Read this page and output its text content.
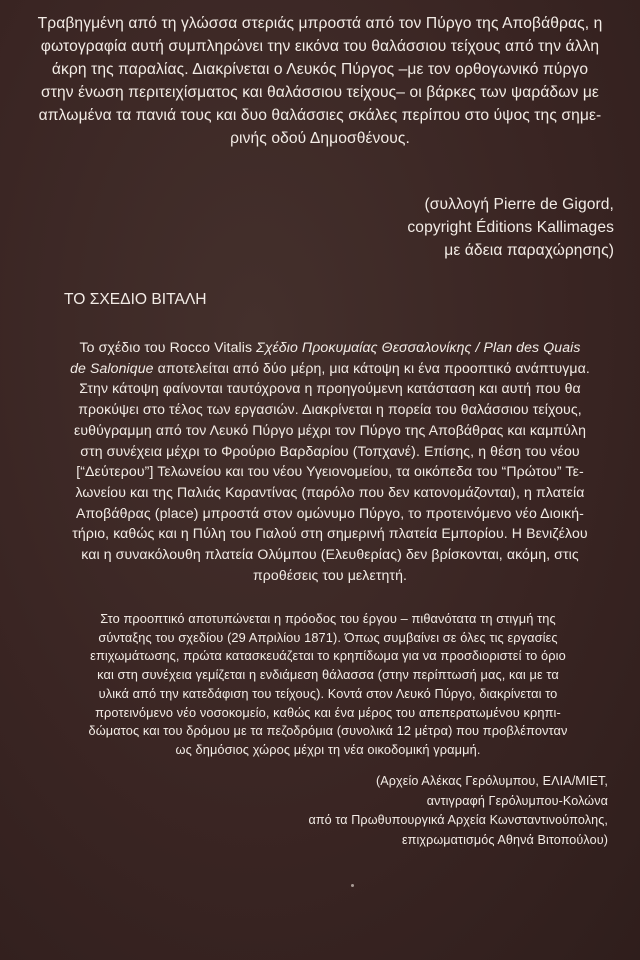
Τραβηγμένη από τη γλώσσα στεριάς μπροστά από τον Πύργο της Αποβάθρας, η
φωτογραφία αυτή συμπληρώνει την εικόνα του θαλάσσιου τείχους από την άλλη
άκρη της παραλίας. Διακρίνεται ο Λευκός Πύργος –με τον ορθογωνικό πύργο
στην ένωση περιτειχίσματος και θαλάσσιου τείχους– οι βάρκες των ψαράδων με
απλωμένα τα πανιά τους και δυο θαλάσσιες σκάλες περίπου στο ύψος της σημε-
ρινής οδού Δημοσθένους.
(συλλογή Pierre de Gigord,
copyright Éditions Kallimages
με άδεια παραχώρησης)
ΤΟ ΣΧΕΔΙΟ ΒΙΤΑΛΗ
Το σχέδιο του Rocco Vitalis Σχέδιο Προκυμαίας Θεσσαλονίκης / Plan des Quais
de Salonique αποτελείται από δύο μέρη, μια κάτοψη κι ένα προοπτικό ανάπτυγμα.
Στην κάτοψη φαίνονται ταυτόχρονα η προηγούμενη κατάσταση και αυτή που θα
προκύψει στο τέλος των εργασιών. Διακρίνεται η πορεία του θαλάσσιου τείχους,
ευθύγραμμη από τον Λευκό Πύργο μέχρι τον Πύργο της Αποβάθρας και καμπύλη
στη συνέχεια μέχρι το Φρούριο Βαρδαρίου (Τοπχανέ). Επίσης, η θέση του νέου
[“Δεύτερου”] Τελωνείου και του νέου Υγειονομείου, τα οικόπεδα του “Πρώτου” Τε-
λωνείου και της Παλιάς Καραντίνας (παρόλο που δεν κατονομάζονται), η πλατεία
Αποβάθρας (place) μπροστά στον ομώνυμο Πύργο, το προτεινόμενο νέο Διοική-
τήριο, καθώς και η Πύλη του Γιαλού στη σημερινή πλατεία Εμπορίου. Η Βενιζέλου
και η συνακόλουθη πλατεία Ολύμπου (Ελευθερίας) δεν βρίσκονται, ακόμη, στις
προθέσεις του μελετητή.
Στο προοπτικό αποτυπώνεται η πρόοδος του έργου – πιθανότατα τη στιγμή της
σύνταξης του σχεδίου (29 Απριλίου 1871). Όπως συμβαίνει σε όλες τις εργασίες
επιχωμάτωσης, πρώτα κατασκευάζεται το κρηπίδωμα για να προσδιοριστεί το όριο
και στη συνέχεια γεμίζεται η ενδιάμεση θάλασσα (στην περίπτωσή μας, και με τα
υλικά από την κατεδάφιση του τείχους). Κοντά στον Λευκό Πύργο, διακρίνεται το
προτεινόμενο νέο νοσοκομείο, καθώς και ένα μέρος του απεπερατωμένου κρηπι-
δώματος και του δρόμου με τα πεζοδρόμια (συνολικά 12 μέτρα) που προβλέπονταν
ως δημόσιος χώρος μέχρι τη νέα οικοδομική γραμμή.
(Αρχείο Αλέκας Γερόλυμπου, ΕΛΙΑ/ΜΙΕΤ,
αντιγραφή Γερόλυμπου-Κολώνα
από τα Πρωθυπουργικά Αρχεία Κωνσταντινούπολης,
επιχρωματισμός Αθηνά Βιτοπούλου)
